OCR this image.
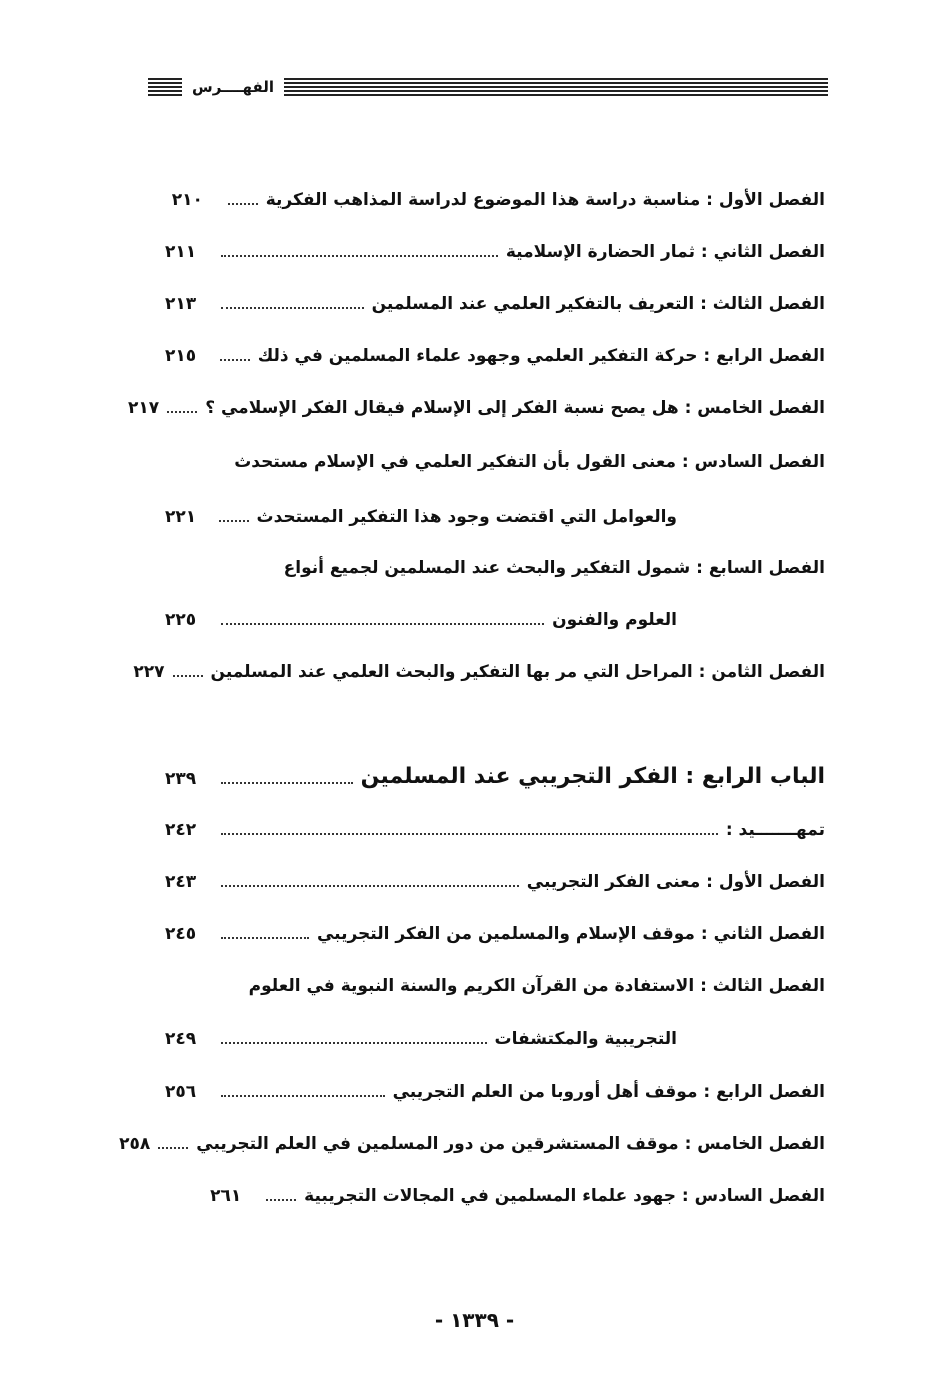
الفهــــرس
الفصل الأول : مناسبة دراسة هذا الموضوع لدراسة المذاهب الفكرية
٢١٠
الفصل الثاني : ثمار الحضارة الإسلامية
٢١١
الفصل الثالث : التعريف بالتفكير العلمي عند المسلمين
٢١٣
الفصل الرابع : حركة التفكير العلمي وجهود علماء المسلمين في ذلك
٢١٥
الفصل الخامس : هل يصح نسبة الفكر إلى الإسلام فيقال الفكر الإسلامي ؟
٢١٧
الفصل السادس : معنى القول بأن التفكير العلمي في الإسلام مستحدث
والعوامل التي اقتضت وجود هذا التفكير المستحدث
٢٢١
الفصل السابع : شمول التفكير والبحث عند المسلمين لجميع أنواع
العلوم والفنون
٢٢٥
الفصل الثامن : المراحل التي مر بها التفكير والبحث العلمي عند المسلمين
٢٢٧
الباب الرابع : الفكر التجريبي عند المسلمين
٢٣٩
تمهـــــــيد :
٢٤٢
الفصل الأول : معنى الفكر التجريبي
٢٤٣
الفصل الثاني : موقف الإسلام والمسلمين من الفكر التجريبي
٢٤٥
الفصل الثالث : الاستفادة من القرآن الكريم والسنة النبوية في العلوم
التجريبية والمكتشفات
٢٤٩
الفصل الرابع : موقف أهل أوروبا من العلم التجريبي
٢٥٦
الفصل الخامس : موقف المستشرقين من دور المسلمين في العلم التجريبي
٢٥٨
الفصل السادس : جهود علماء المسلمين في المجالات التجريبية
٢٦١
- ١٣٣٩ -
